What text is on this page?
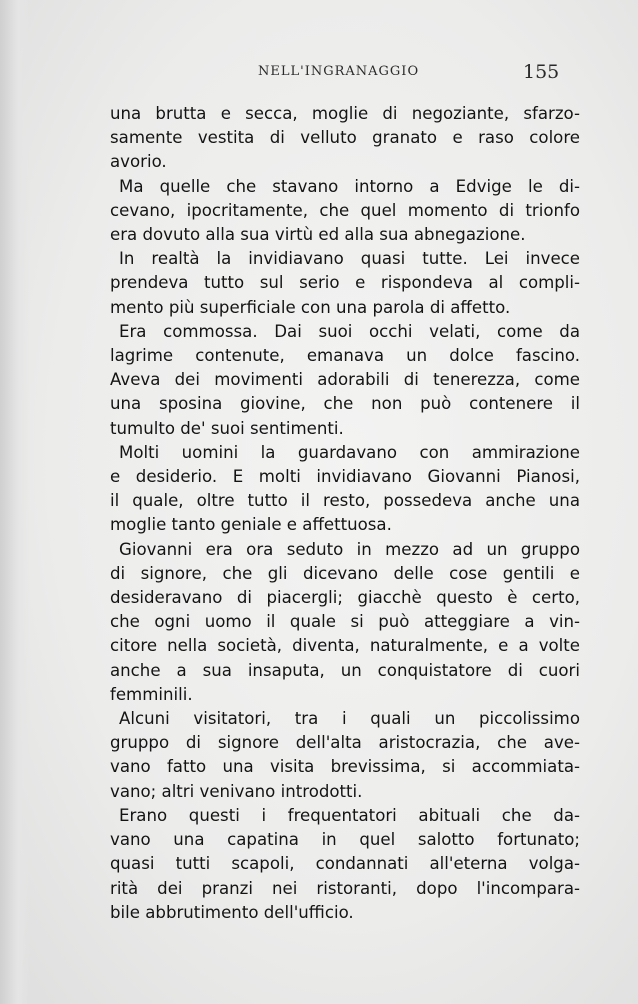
NELL'INGRANAGGIO	155
una brutta e secca, moglie di negoziante, sfarzo-
samente vestita di velluto granato e raso colore
avorio.
Ma quelle che stavano intorno a Edvige le di-
cevano, ipocritamente, che quel momento di trionfo
era dovuto alla sua virtù ed alla sua abnegazione.
In realtà la invidiavano quasi tutte. Lei invece
prendeva tutto sul serio e rispondeva al compli-
mento più superficiale con una parola di affetto.
Era commossa. Dai suoi occhi velati, come da
lagrime contenute, emanava un dolce fascino.
Aveva dei movimenti adorabili di tenerezza, come
una sposina giovine, che non può contenere il
tumulto de' suoi sentimenti.
Molti uomini la guardavano con ammirazione
e desiderio. E molti invidiavano Giovanni Pianosi,
il quale, oltre tutto il resto, possedeva anche una
moglie tanto geniale e affettuosa.
Giovanni era ora seduto in mezzo ad un gruppo
di signore, che gli dicevano delle cose gentili e
desideravano di piacergli; giacchè questo è certo,
che ogni uomo il quale si può atteggiare a vin-
citore nella società, diventa, naturalmente, e a volte
anche a sua insaputa, un conquistatore di cuori
femminili.
Alcuni visitatori, tra i quali un piccolissimo
gruppo di signore dell'alta aristocrazia, che ave-
vano fatto una visita brevissima, si accommiata-
vano; altri venivano introdotti.
Erano questi i frequentatori abituali che da-
vano una capatina in quel salotto fortunato;
quasi tutti scapoli, condannati all'eterna volga-
rità dei pranzi nei ristoranti, dopo l'incompara-
bile abbrutimento dell'ufficio.
